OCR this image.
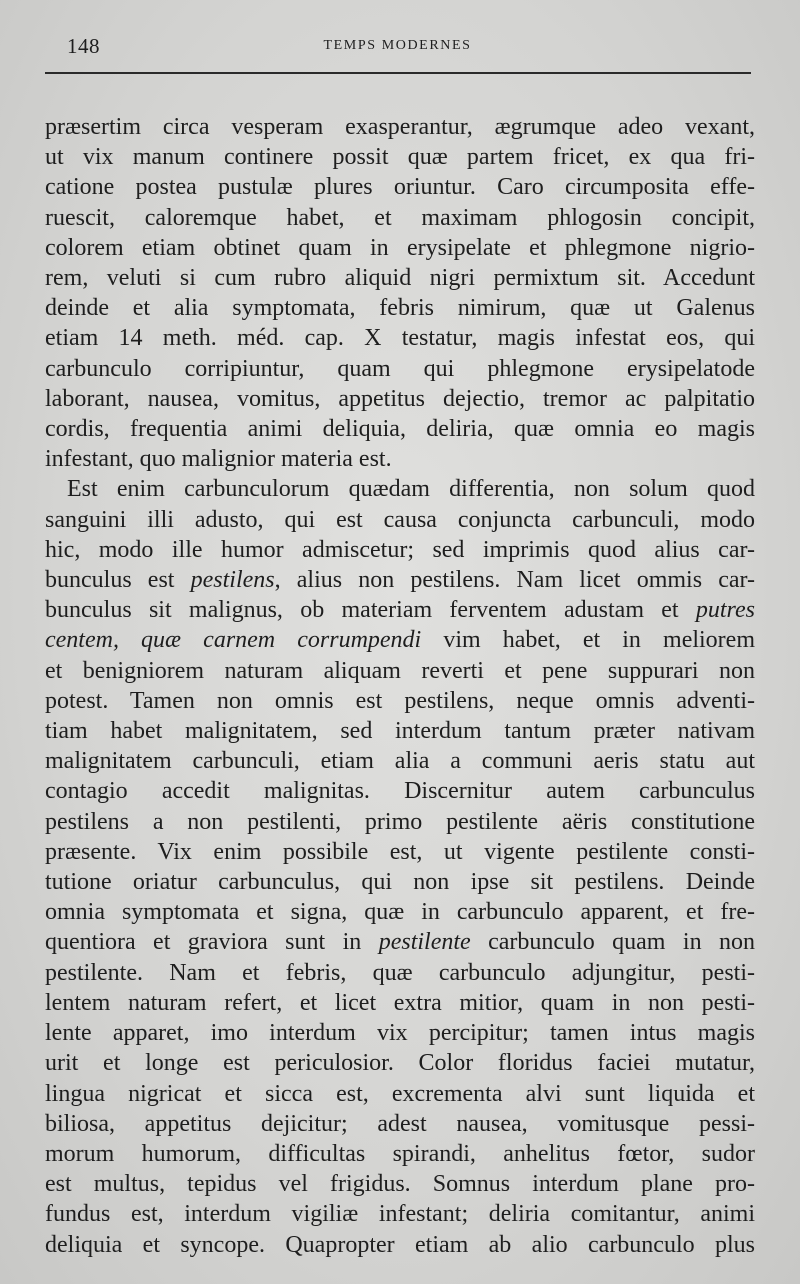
148	TEMPS MODERNES
præsertim circa vesperam exasperantur, ægrumque adeo vexant,
ut vix manum continere possit quæ partem fricet, ex qua fri-
catione postea pustulæ plures oriuntur. Caro circumposita effe-
ruescit, caloremque habet, et maximam phlogosin concipit,
colorem etiam obtinet quam in erysipelate et phlegmone nigrio-
rem, veluti si cum rubro aliquid nigri permixtum sit. Accedunt
deinde et alia symptomata, febris nimirum, quæ ut Galenus
etiam 14 meth. méd. cap. X testatur, magis infestat eos, qui
carbunculo corripiuntur, quam qui phlegmone erysipelatode
laborant, nausea, vomitus, appetitus dejectio, tremor ac palpitatio
cordis, frequentia animi deliquia, deliria, quæ omnia eo magis
infestant, quo malignior materia est.
Est enim carbunculorum quædam differentia, non solum quod
sanguini illi adusto, qui est causa conjuncta carbunculi, modo
hic, modo ille humor admiscetur; sed imprimis quod alius car-
bunculus est pestilens, alius non pestilens. Nam licet ommis car-
bunculus sit malignus, ob materiam ferventem adustam et putres
centem, quæ carnem corrumpendi vim habet, et in meliorem
et benigniorem naturam aliquam reverti et pene suppurari non
potest. Tamen non omnis est pestilens, neque omnis adventi-
tiam habet malignitatem, sed interdum tantum præter nativam
malignitatem carbunculi, etiam alia a communi aeris statu aut
contagio accedit malignitas. Discernitur autem carbunculus
pestilens a non pestilenti, primo pestilente aëris constitutione
præsente. Vix enim possibile est, ut vigente pestilente consti-
tutione oriatur carbunculus, qui non ipse sit pestilens. Deinde
omnia symptomata et signa, quæ in carbunculo apparent, et fre-
quentiora et graviora sunt in pestilente carbunculo quam in non
pestilente. Nam et febris, quæ carbunculo adjungitur, pesti-
lentem naturam refert, et licet extra mitior, quam in non pesti-
lente apparet, imo interdum vix percipitur; tamen intus magis
urit et longe est periculosior. Color floridus faciei mutatur,
lingua nigricat et sicca est, excrementa alvi sunt liquida et
biliosa, appetitus dejicitur; adest nausea, vomitusque pessi-
morum humorum, difficultas spirandi, anhelitus fœtor, sudor
est multus, tepidus vel frigidus. Somnus interdum plane pro-
fundus est, interdum vigiliæ infestant; deliria comitantur, animi
deliquia et syncope. Quapropter etiam ab alio carbunculo plus
